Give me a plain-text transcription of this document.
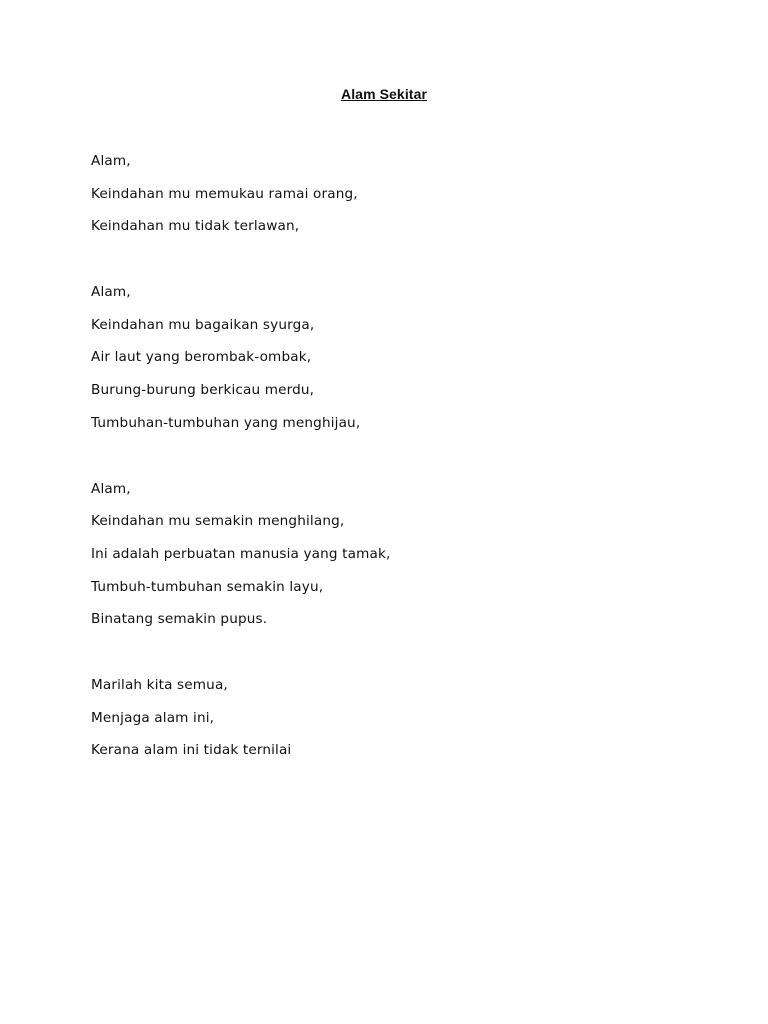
Alam Sekitar
Alam,
Keindahan mu memukau ramai orang,
Keindahan mu tidak terlawan,
Alam,
Keindahan mu bagaikan syurga,
Air laut yang berombak-ombak,
Burung-burung berkicau merdu,
Tumbuhan-tumbuhan yang menghijau,
Alam,
Keindahan mu semakin menghilang,
Ini adalah perbuatan manusia yang tamak,
Tumbuh-tumbuhan semakin layu,
Binatang semakin pupus.
Marilah kita semua,
Menjaga alam ini,
Kerana alam ini tidak ternilai
